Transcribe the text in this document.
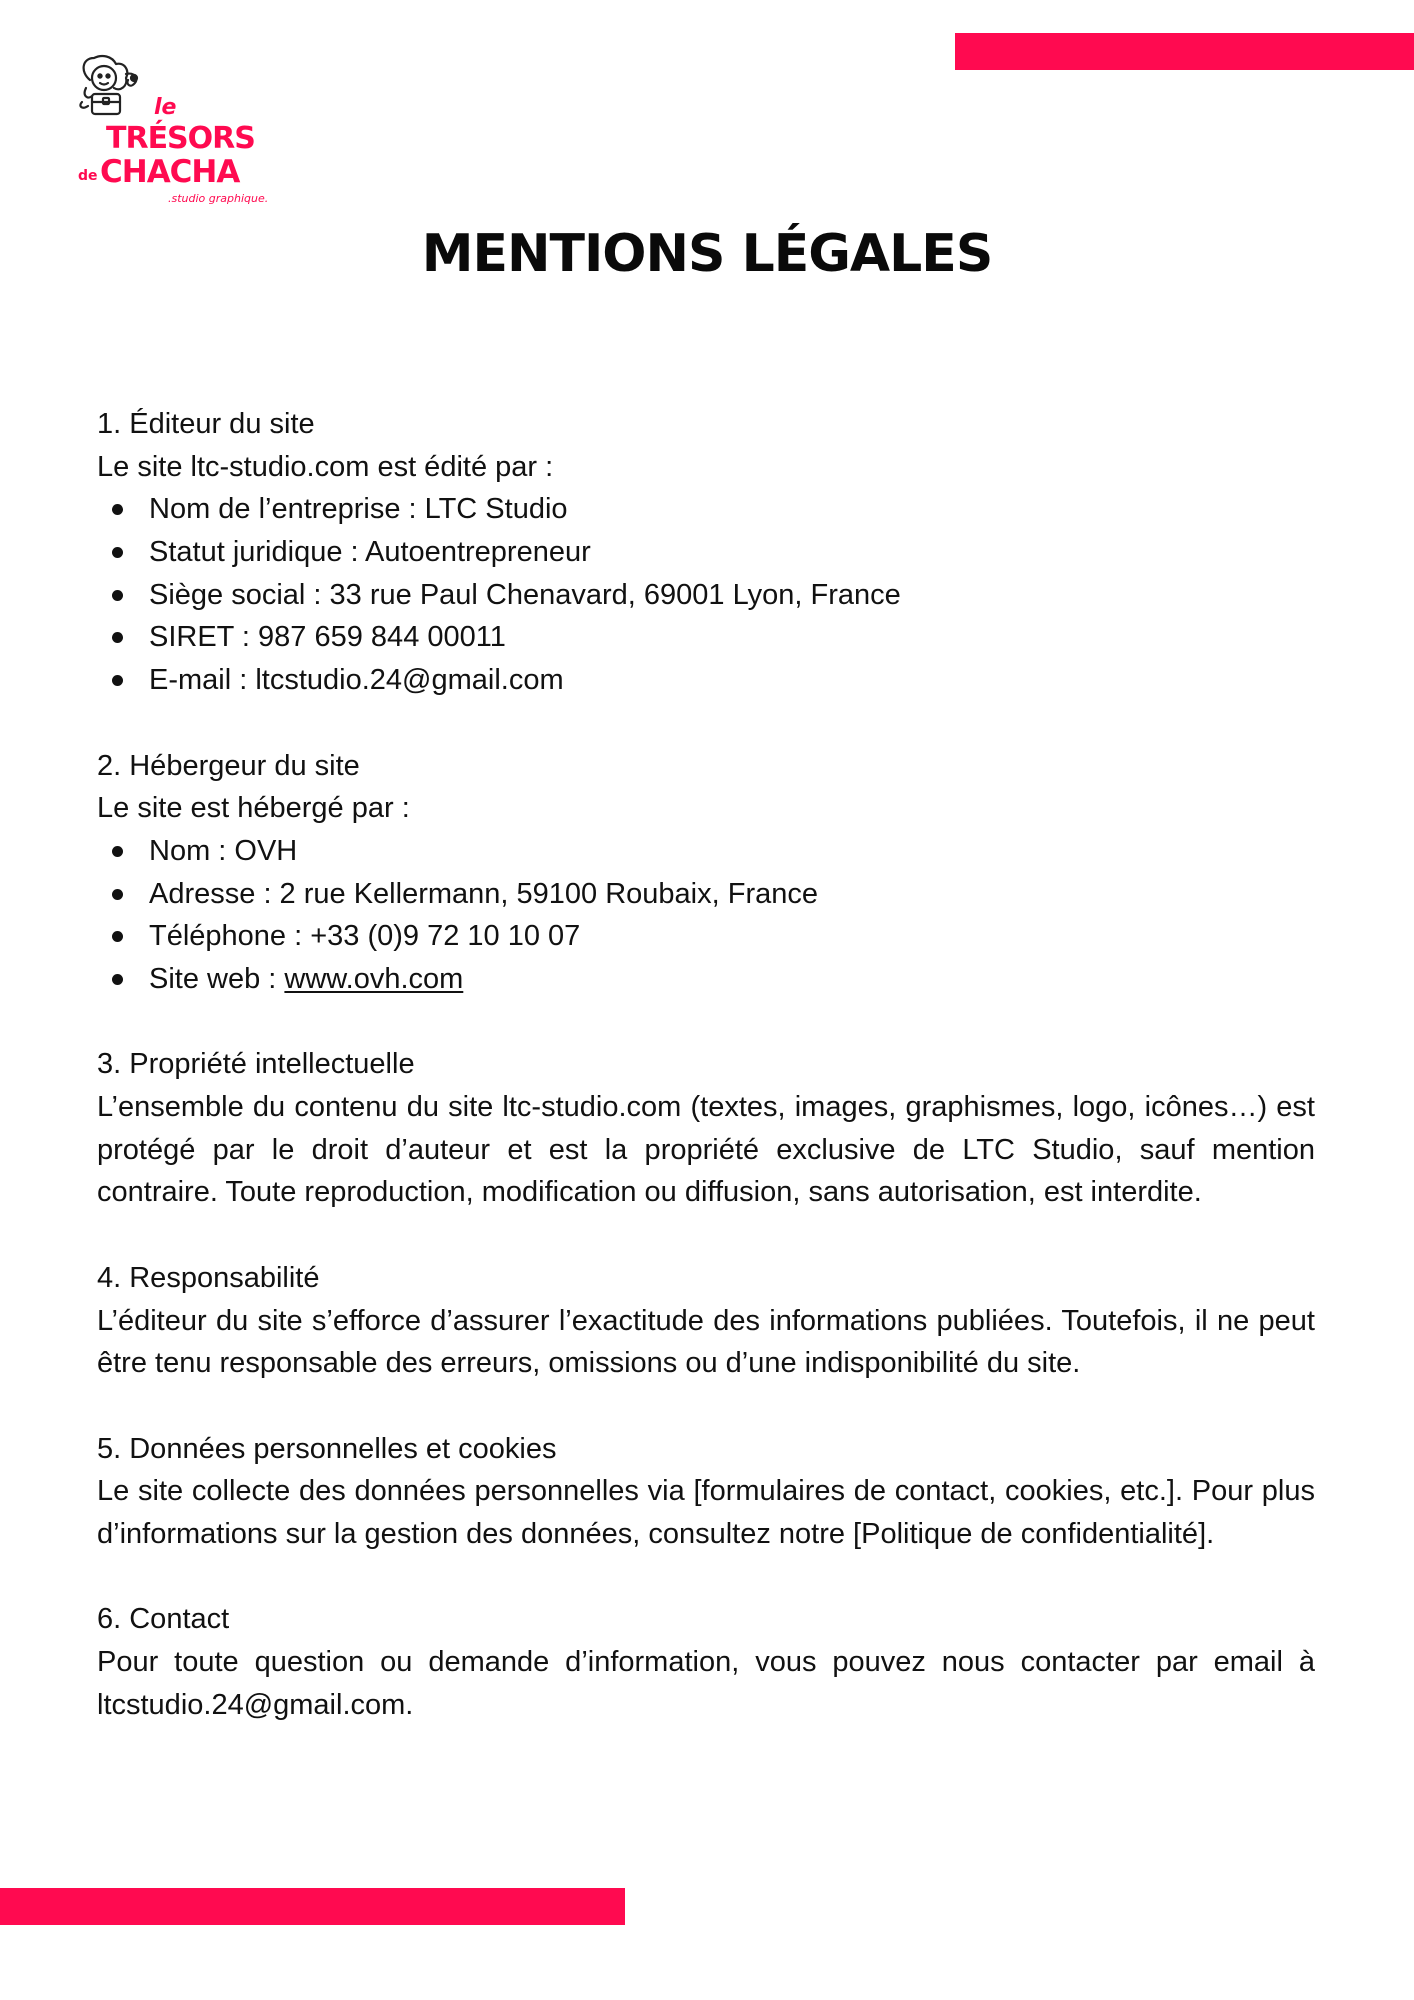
le
TRÉSORS
de CHACHA
.studio graphique.
MENTIONS LÉGALES

1. Éditeur du site

Le site ltc-studio.com est édité par :

Nom de l’entreprise : LTC Studio
Statut juridique : Autoentrepreneur
Siège social : 33 rue Paul Chenavard, 69001 Lyon, France
SIRET : 987 659 844 00011
E-mail : ltcstudio.24@gmail.com

2. Hébergeur du site

Le site est hébergé par :

Nom : OVH
Adresse : 2 rue Kellermann, 59100 Roubaix, France
Téléphone : +33 (0)9 72 10 10 07
Site web : www.ovh.com

3. Propriété intellectuelle

L’ensemble du contenu du site ltc-studio.com (textes, images, graphismes, logo, icônes…) est protégé par le droit d’auteur et est la propriété exclusive de LTC Studio, sauf mention contraire. Toute reproduction, modification ou diffusion, sans autorisation, est interdite.

4. Responsabilité

L’éditeur du site s’efforce d’assurer l’exactitude des informations publiées. Toutefois, il ne peut être tenu responsable des erreurs, omissions ou d’une indisponibilité du site.

5. Données personnelles et cookies

Le site collecte des données personnelles via [formulaires de contact, cookies, etc.]. Pour plus d’informations sur la gestion des données, consultez notre [Politique de confidentialité].

6. Contact

Pour toute question ou demande d’information, vous pouvez nous contacter par email à ltcstudio.24@gmail.com.
